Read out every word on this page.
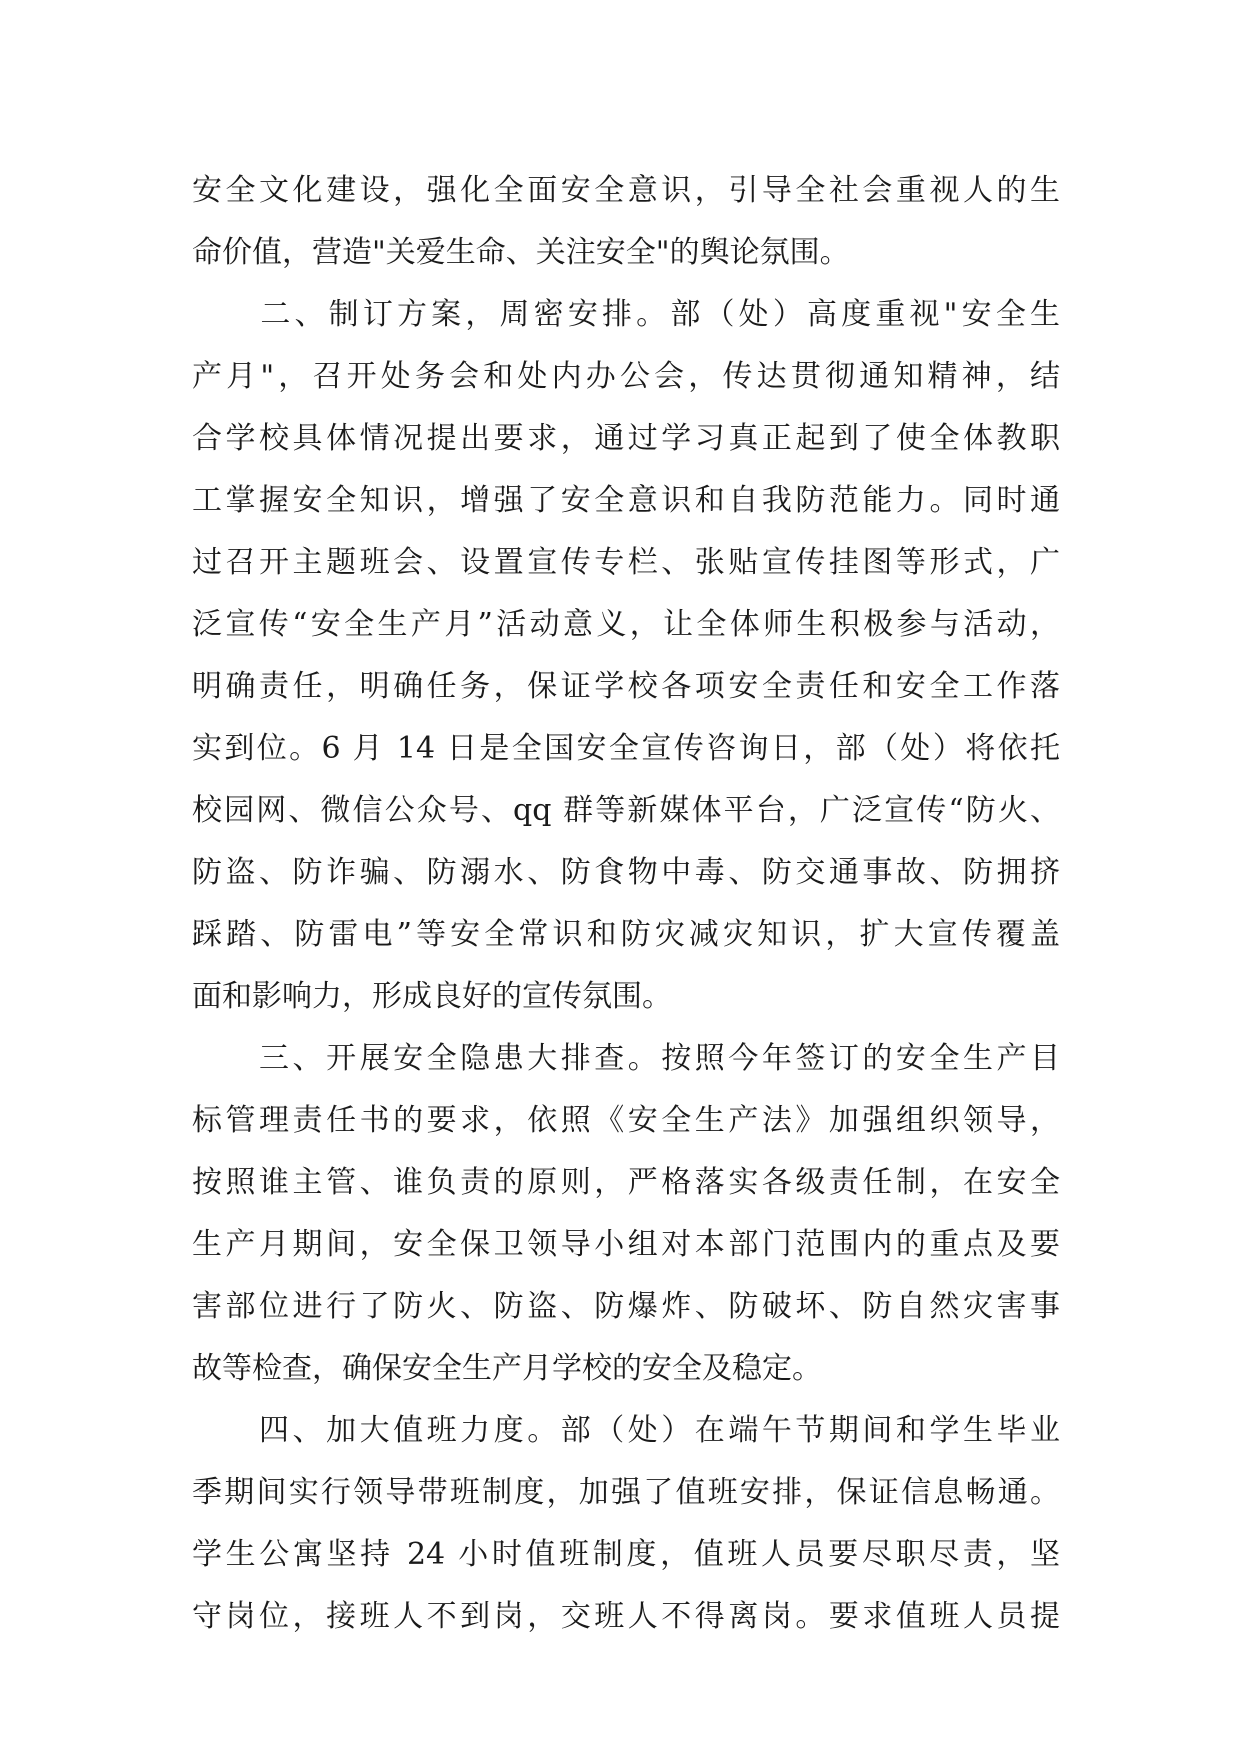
安全文化建设，强化全面安全意识，引导全社会重视人的生
命价值，营造"关爱生命、关注安全"的舆论氛围。
　　二、制订方案，周密安排。部（处）高度重视"安全生
产月"，召开处务会和处内办公会，传达贯彻通知精神，结
合学校具体情况提出要求，通过学习真正起到了使全体教职
工掌握安全知识，增强了安全意识和自我防范能力。同时通
过召开主题班会、设置宣传专栏、张贴宣传挂图等形式，广
泛宣传“安全生产月”活动意义，让全体师生积极参与活动，
明确责任，明确任务，保证学校各项安全责任和安全工作落
实到位。6 月 14 日是全国安全宣传咨询日，部（处）将依托
校园网、微信公众号、qq 群等新媒体平台，广泛宣传“防火、
防盗、防诈骗、防溺水、防食物中毒、防交通事故、防拥挤
踩踏、防雷电”等安全常识和防灾减灾知识，扩大宣传覆盖
面和影响力，形成良好的宣传氛围。
　　三、开展安全隐患大排查。按照今年签订的安全生产目
标管理责任书的要求，依照《安全生产法》加强组织领导，
按照谁主管、谁负责的原则，严格落实各级责任制，在安全
生产月期间，安全保卫领导小组对本部门范围内的重点及要
害部位进行了防火、防盗、防爆炸、防破坏、防自然灾害事
故等检查，确保安全生产月学校的安全及稳定。
　　四、加大值班力度。部（处）在端午节期间和学生毕业
季期间实行领导带班制度，加强了值班安排，保证信息畅通。
学生公寓坚持 24 小时值班制度，值班人员要尽职尽责，坚
守岗位，接班人不到岗，交班人不得离岗。要求值班人员提
